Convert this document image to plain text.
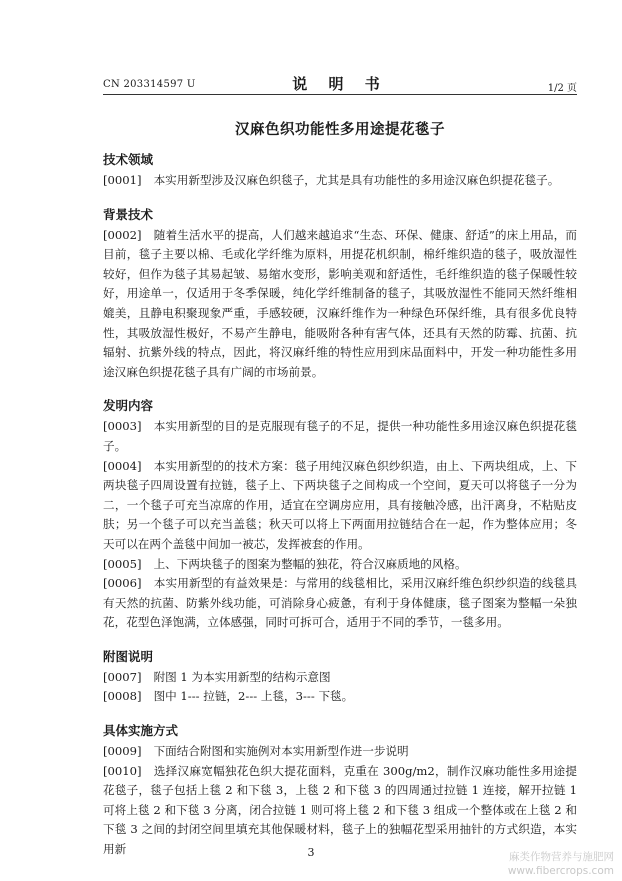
CN 203314597 U	说 明 书	1/2 页
汉麻色织功能性多用途提花毯子
技术领域
[0001] 本实用新型涉及汉麻色织毯子，尤其是具有功能性的多用途汉麻色织提花毯子。
背景技术
[0002] 随着生活水平的提高，人们越来越追求“生态、环保、健康、舒适”的床上用品，而目前，毯子主要以棉、毛或化学纤维为原料，用提花机织制，棉纤维织造的毯子，吸放湿性较好，但作为毯子其易起皱、易缩水变形，影响美观和舒适性，毛纤维织造的毯子保暖性较好，用途单一，仅适用于冬季保暖，纯化学纤维制备的毯子，其吸放湿性不能同天然纤维相媲美，且静电积聚现象严重，手感较硬，汉麻纤维作为一种绿色环保纤维，具有很多优良特性，其吸放湿性极好，不易产生静电，能吸附各种有害气体，还具有天然的防霉、抗菌、抗辐射、抗紫外线的特点，因此，将汉麻纤维的特性应用到床品面料中，开发一种功能性多用途汉麻色织提花毯子具有广阔的市场前景。
发明内容
[0003] 本实用新型的目的是克服现有毯子的不足，提供一种功能性多用途汉麻色织提花毯子。
[0004] 本实用新型的的技术方案：毯子用纯汉麻色织纱织造，由上、下两块组成，上、下两块毯子四周设置有拉链，毯子上、下两块毯子之间构成一个空间，夏天可以将毯子一分为二，一个毯子可充当凉席的作用，适宜在空调房应用，具有接触冷感，出汗离身，不粘贴皮肤；另一个毯子可以充当盖毯；秋天可以将上下两面用拉链结合在一起，作为整体应用；冬天可以在两个盖毯中间加一被芯，发挥被套的作用。
[0005] 上、下两块毯子的图案为整幅的独花，符合汉麻质地的风格。
[0006] 本实用新型的有益效果是：与常用的线毯相比，采用汉麻纤维色织纱织造的线毯具有天然的抗菌、防紫外线功能，可消除身心疲惫，有利于身体健康，毯子图案为整幅一朵独花，花型色泽饱满，立体感强，同时可拆可合，适用于不同的季节，一毯多用。
附图说明
[0007] 附图 1 为本实用新型的结构示意图
[0008] 图中 1--- 拉链，2--- 上毯，3--- 下毯。
具体实施方式
[0009] 下面结合附图和实施例对本实用新型作进一步说明
[0010] 选择汉麻宽幅独花色织大提花面料，克重在 300g/m2，制作汉麻功能性多用途提花毯子，毯子包括上毯 2 和下毯 3，上毯 2 和下毯 3 的四周通过拉链 1 连接，解开拉链 1 可将上毯 2 和下毯 3 分离，闭合拉链 1 则可将上毯 2 和下毯 3 组成一个整体或在上毯 2 和下毯 3 之间的封闭空间里填充其他保暖材料，毯子上的独幅花型采用抽针的方式织造，本实用新	3	麻类作物营养与施肥网
www.fibercrops.com
